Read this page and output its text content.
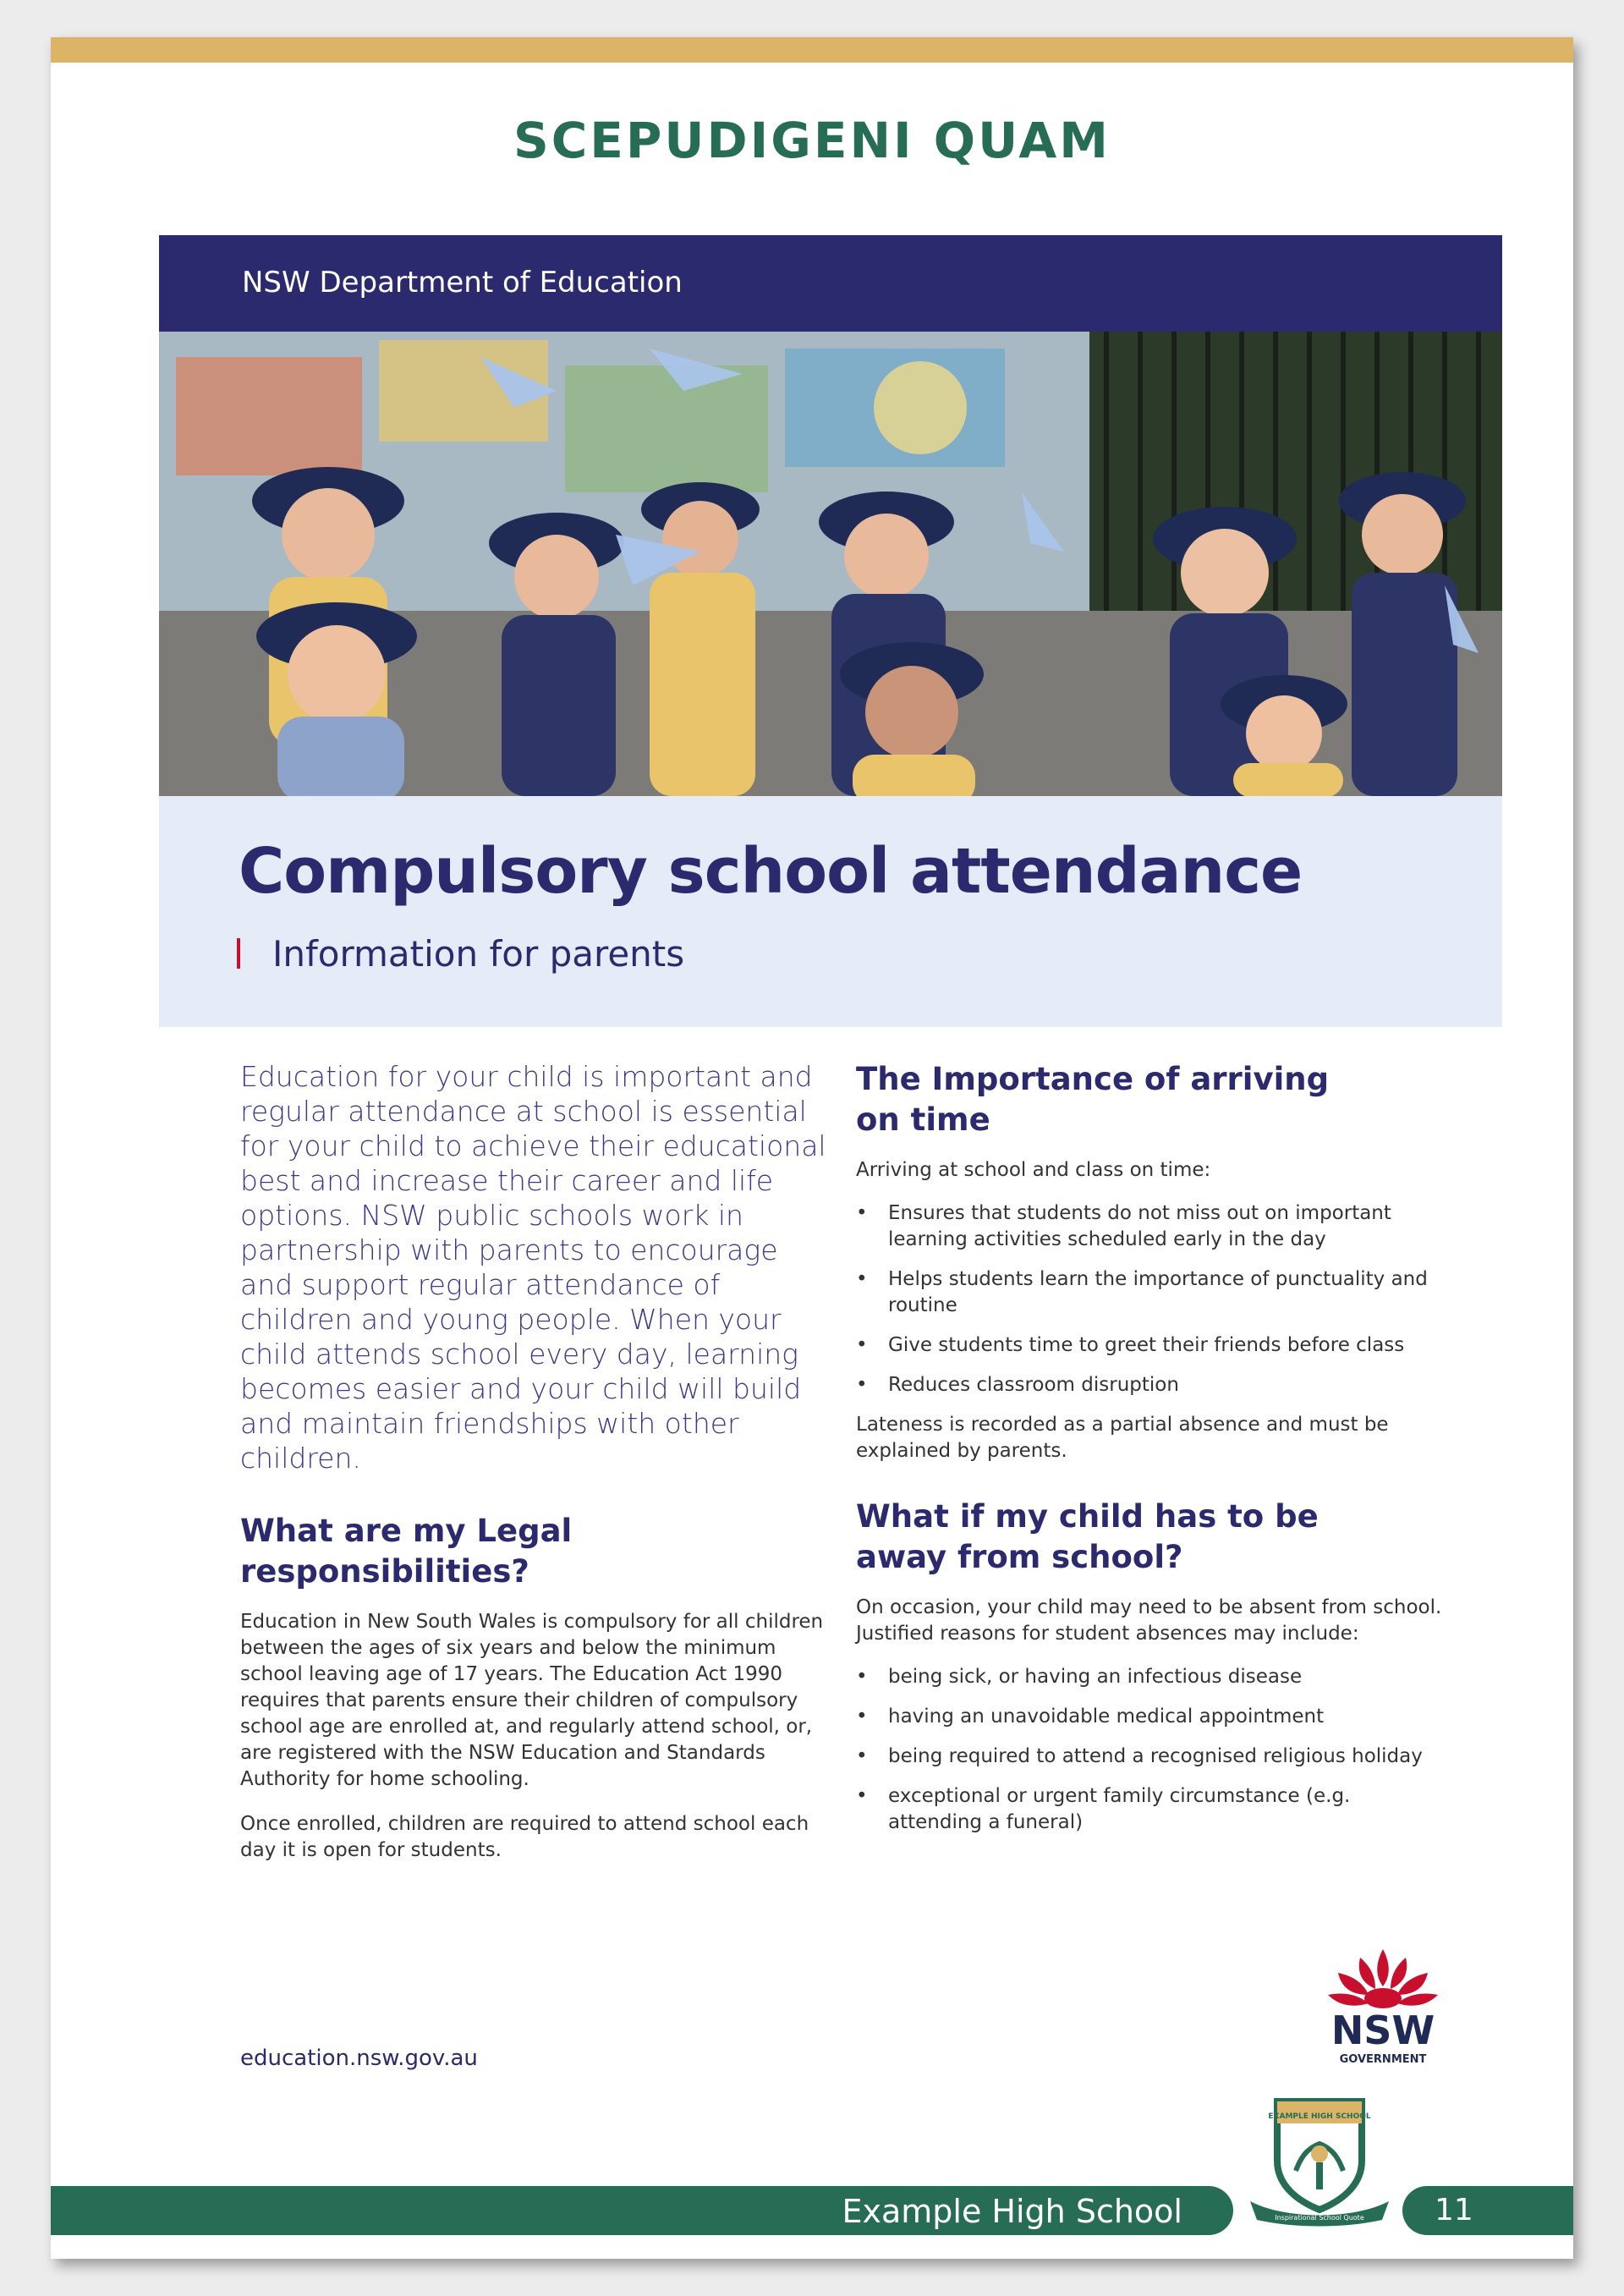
SCEPUDIGENI QUAM
NSW Department of Education
Compulsory school attendance
Information for parents

Education for your child is important and regular attendance at school is essential for your child to achieve their educational best and increase their career and life options. NSW public schools work in partnership with parents to encourage and support regular attendance of children and young people. When your child attends school every day, learning becomes easier and your child will build and maintain friendships with other children.

What are my Legal responsibilities?

Education in New South Wales is compulsory for all children between the ages of six years and below the minimum school leaving age of 17 years. The Education Act 1990 requires that parents ensure their children of compulsory school age are enrolled at, and regularly attend school, or, are registered with the NSW Education and Standards Authority for home schooling.

Once enrolled, children are required to attend school each day it is open for students.

The Importance of arriving on time

Arriving at school and class on time:

• Ensures that students do not miss out on important learning activities scheduled early in the day
• Helps students learn the importance of punctuality and routine
• Give students time to greet their friends before class
• Reduces classroom disruption

Lateness is recorded as a partial absence and must be explained by parents.

What if my child has to be away from school?

On occasion, your child may need to be absent from school. Justified reasons for student absences may include:

• being sick, or having an infectious disease
• having an unavoidable medical appointment
• being required to attend a recognised religious holiday
• exceptional or urgent family circumstance (e.g. attending a funeral)
education.nsw.gov.au
NSW
GOVERNMENT
Example High School	11
EXAMPLE HIGH SCHOOL
Inspirational School Quote
